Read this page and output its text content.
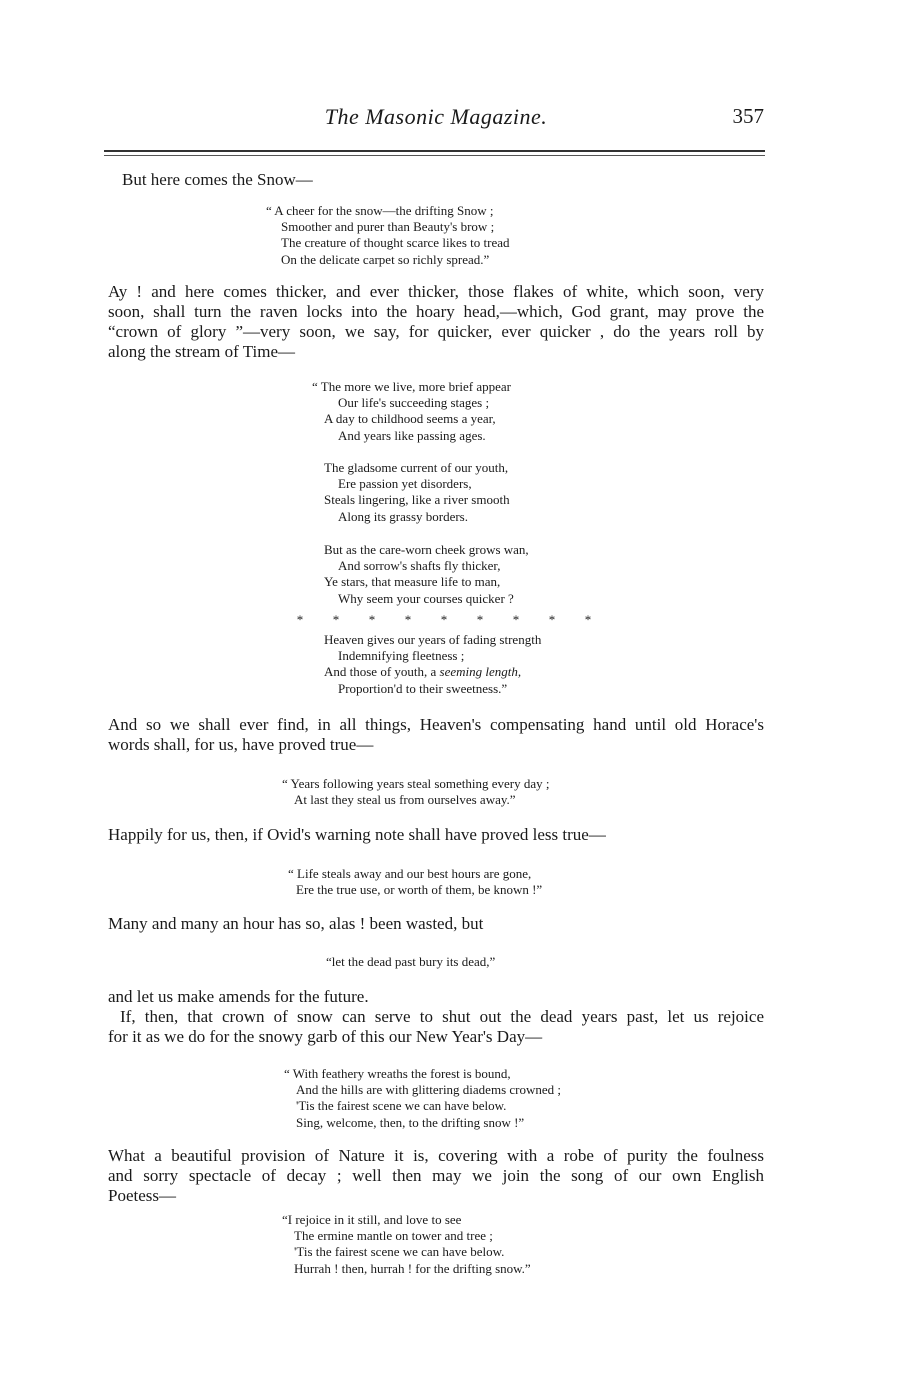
The Masonic Magazine.	357
But here comes the Snow—
“ A cheer for the snow—the drifting Snow ;
Smoother and purer than Beauty's brow ;
The creature of thought scarce likes to tread
On the delicate carpet so richly spread.”
Ay ! and here comes thicker, and ever thicker, those flakes of white, which soon, very
soon, shall turn the raven locks into the hoary head,—which, God grant, may prove the
“crown of glory ”—very soon, we say, for quicker, ever quicker , do the years roll by
along the stream of Time—
“ The more we live, more brief appear
Our life's succeeding stages ;
A day to childhood seems a year,
And years like passing ages.
The gladsome current of our youth,
Ere passion yet disorders,
Steals lingering, like a river smooth
Along its grassy borders.
But as the care-worn cheek grows wan,
And sorrow's shafts fly thicker,
Ye stars, that measure life to man,
Why seem your courses quicker ?
* * * * * * * * *
Heaven gives our years of fading strength
Indemnifying fleetness ;
And those of youth, a seeming length,
Proportion'd to their sweetness.”
And so we shall ever find, in all things, Heaven's compensating hand until old Horace's
words shall, for us, have proved true—
“ Years following years steal something every day ;
At last they steal us from ourselves away.”
Happily for us, then, if Ovid's warning note shall have proved less true—
“ Life steals away and our best hours are gone,
Ere the true use, or worth of them, be known !”
Many and many an hour has so, alas ! been wasted, but
“let the dead past bury its dead,”
and let us make amends for the future.
If, then, that crown of snow can serve to shut out the dead years past, let us rejoice
for it as we do for the snowy garb of this our New Year's Day—
“ With feathery wreaths the forest is bound,
And the hills are with glittering diadems crowned ;
'Tis the fairest scene we can have below.
Sing, welcome, then, to the drifting snow !”
What a beautiful provision of Nature it is, covering with a robe of purity the foulness
and sorry spectacle of decay ; well then may we join the song of our own English
Poetess—
“I rejoice in it still, and love to see
The ermine mantle on tower and tree ;
'Tis the fairest scene we can have below.
Hurrah ! then, hurrah ! for the drifting snow.”
